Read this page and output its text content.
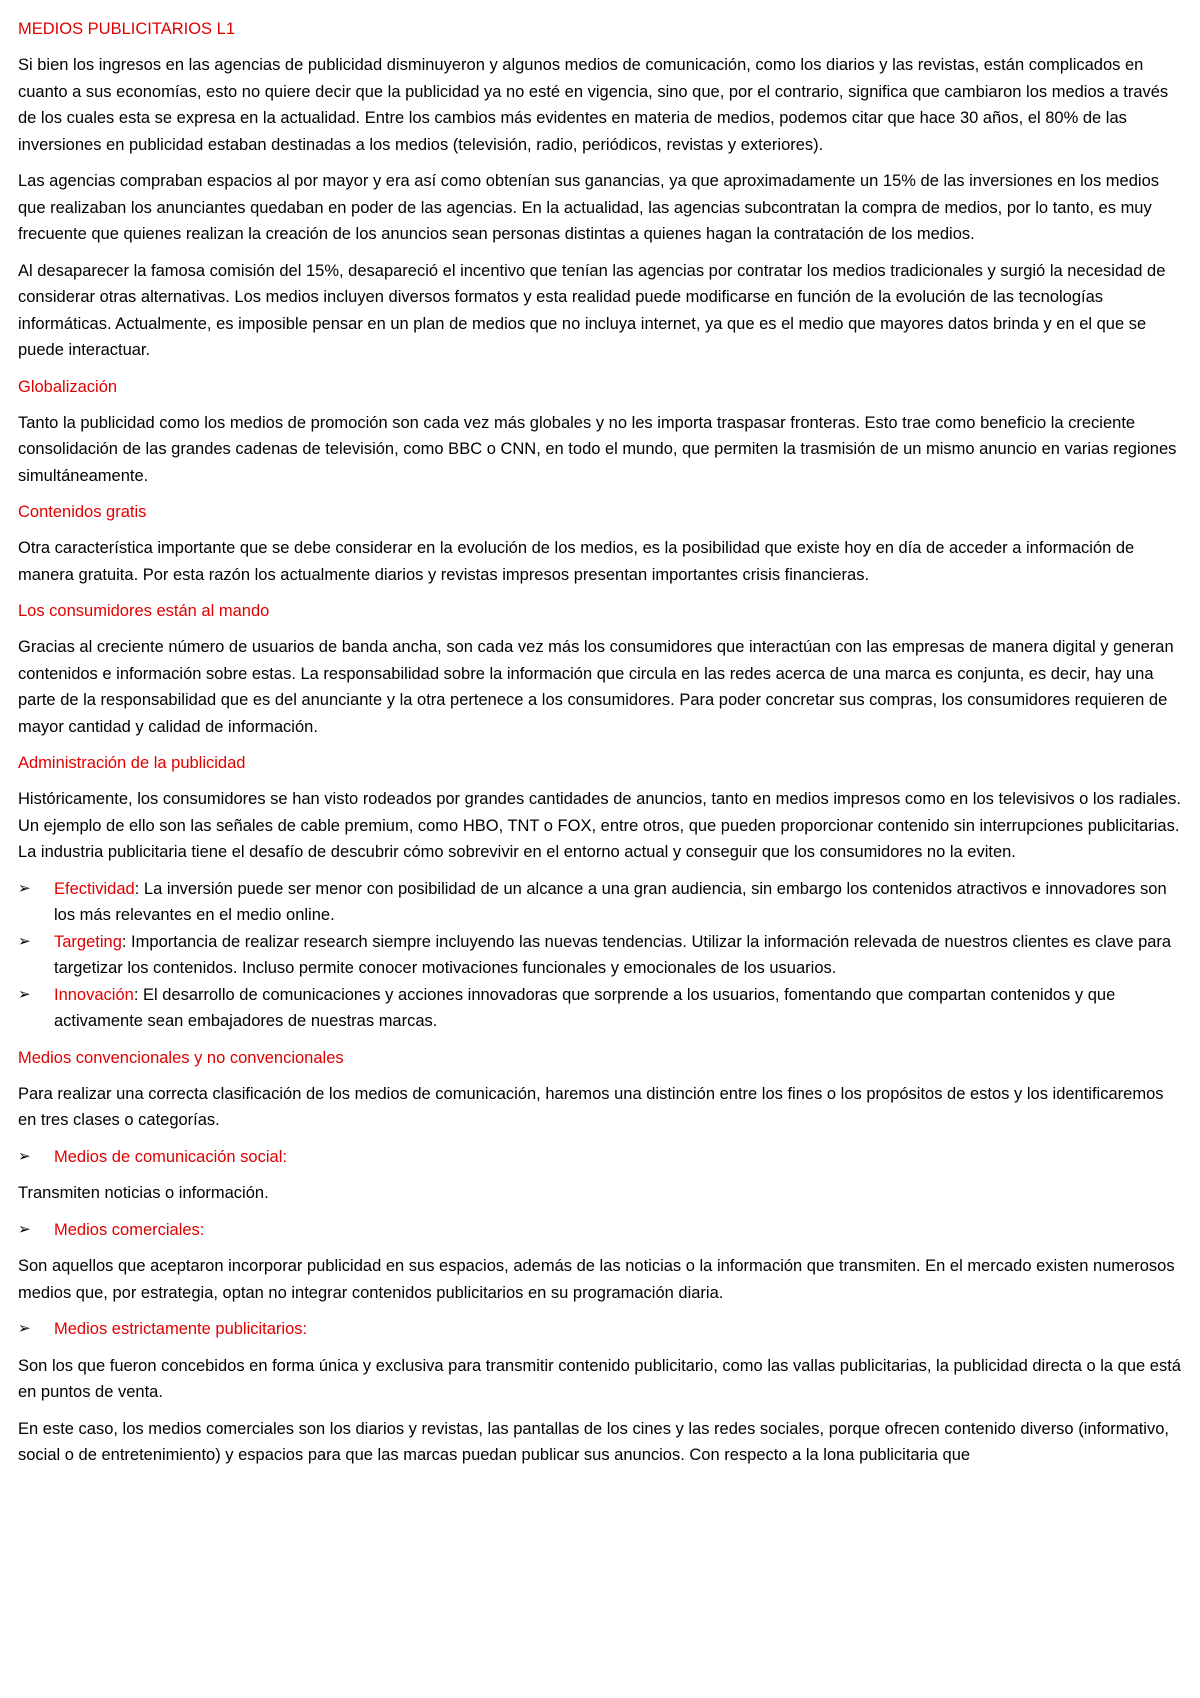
MEDIOS PUBLICITARIOS L1

Si bien los ingresos en las agencias de publicidad disminuyeron y algunos medios de comunicación, como los diarios y las revistas, están complicados en cuanto a sus economías, esto no quiere decir que la publicidad ya no esté en vigencia, sino que, por el contrario, significa que cambiaron los medios a través de los cuales esta se expresa en la actualidad. Entre los cambios más evidentes en materia de medios, podemos citar que hace 30 años, el 80% de las inversiones en publicidad estaban destinadas a los medios (televisión, radio, periódicos, revistas y exteriores).

Las agencias compraban espacios al por mayor y era así como obtenían sus ganancias, ya que aproximadamente un 15% de las inversiones en los medios que realizaban los anunciantes quedaban en poder de las agencias. En la actualidad, las agencias subcontratan la compra de medios, por lo tanto, es muy frecuente que quienes realizan la creación de los anuncios sean personas distintas a quienes hagan la contratación de los medios.

Al desaparecer la famosa comisión del 15%, desapareció el incentivo que tenían las agencias por contratar los medios tradicionales y surgió la necesidad de considerar otras alternativas. Los medios incluyen diversos formatos y esta realidad puede modificarse en función de la evolución de las tecnologías informáticas. Actualmente, es imposible pensar en un plan de medios que no incluya internet, ya que es el medio que mayores datos brinda y en el que se puede interactuar.

Globalización

Tanto la publicidad como los medios de promoción son cada vez más globales y no les importa traspasar fronteras. Esto trae como beneficio la creciente consolidación de las grandes cadenas de televisión, como BBC o CNN, en todo el mundo, que permiten la trasmisión de un mismo anuncio en varias regiones simultáneamente.

Contenidos gratis

Otra característica importante que se debe considerar en la evolución de los medios, es la posibilidad que existe hoy en día de acceder a información de manera gratuita. Por esta razón los actualmente diarios y revistas impresos presentan importantes crisis financieras.

Los consumidores están al mando

Gracias al creciente número de usuarios de banda ancha, son cada vez más los consumidores que interactúan con las empresas de manera digital y generan contenidos e información sobre estas. La responsabilidad sobre la información que circula en las redes acerca de una marca es conjunta, es decir, hay una parte de la responsabilidad que es del anunciante y la otra pertenece a los consumidores. Para poder concretar sus compras, los consumidores requieren de mayor cantidad y calidad de información.

Administración de la publicidad

Históricamente, los consumidores se han visto rodeados por grandes cantidades de anuncios, tanto en medios impresos como en los televisivos o los radiales. Un ejemplo de ello son las señales de cable premium, como HBO, TNT o FOX, entre otros, que pueden proporcionar contenido sin interrupciones publicitarias. La industria publicitaria tiene el desafío de descubrir cómo sobrevivir en el entorno actual y conseguir que los consumidores no la eviten.

➢	Efectividad: La inversión puede ser menor con posibilidad de un alcance a una gran audiencia, sin embargo los contenidos atractivos e innovadores son los más relevantes en el medio online.
➢	Targeting: Importancia de realizar research siempre incluyendo las nuevas tendencias. Utilizar la información relevada de nuestros clientes es clave para targetizar los contenidos. Incluso permite conocer motivaciones funcionales y emocionales de los usuarios.
➢	Innovación: El desarrollo de comunicaciones y acciones innovadoras que sorprende a los usuarios, fomentando que compartan contenidos y que activamente sean embajadores de nuestras marcas.
Medios convencionales y no convencionales

Para realizar una correcta clasificación de los medios de comunicación, haremos una distinción entre los fines o los propósitos de estos y los identificaremos en tres clases o categorías.

➢	Medios de comunicación social:

Transmiten noticias o información.

➢	Medios comerciales:

Son aquellos que aceptaron incorporar publicidad en sus espacios, además de las noticias o la información que transmiten. En el mercado existen numerosos medios que, por estrategia, optan no integrar contenidos publicitarios en su programación diaria.

➢	Medios estrictamente publicitarios:

Son los que fueron concebidos en forma única y exclusiva para transmitir contenido publicitario, como las vallas publicitarias, la publicidad directa o la que está en puntos de venta.

En este caso, los medios comerciales son los diarios y revistas, las pantallas de los cines y las redes sociales, porque ofrecen contenido diverso (informativo, social o de entretenimiento) y espacios para que las marcas puedan publicar sus anuncios. Con respecto a la lona publicitaria que
